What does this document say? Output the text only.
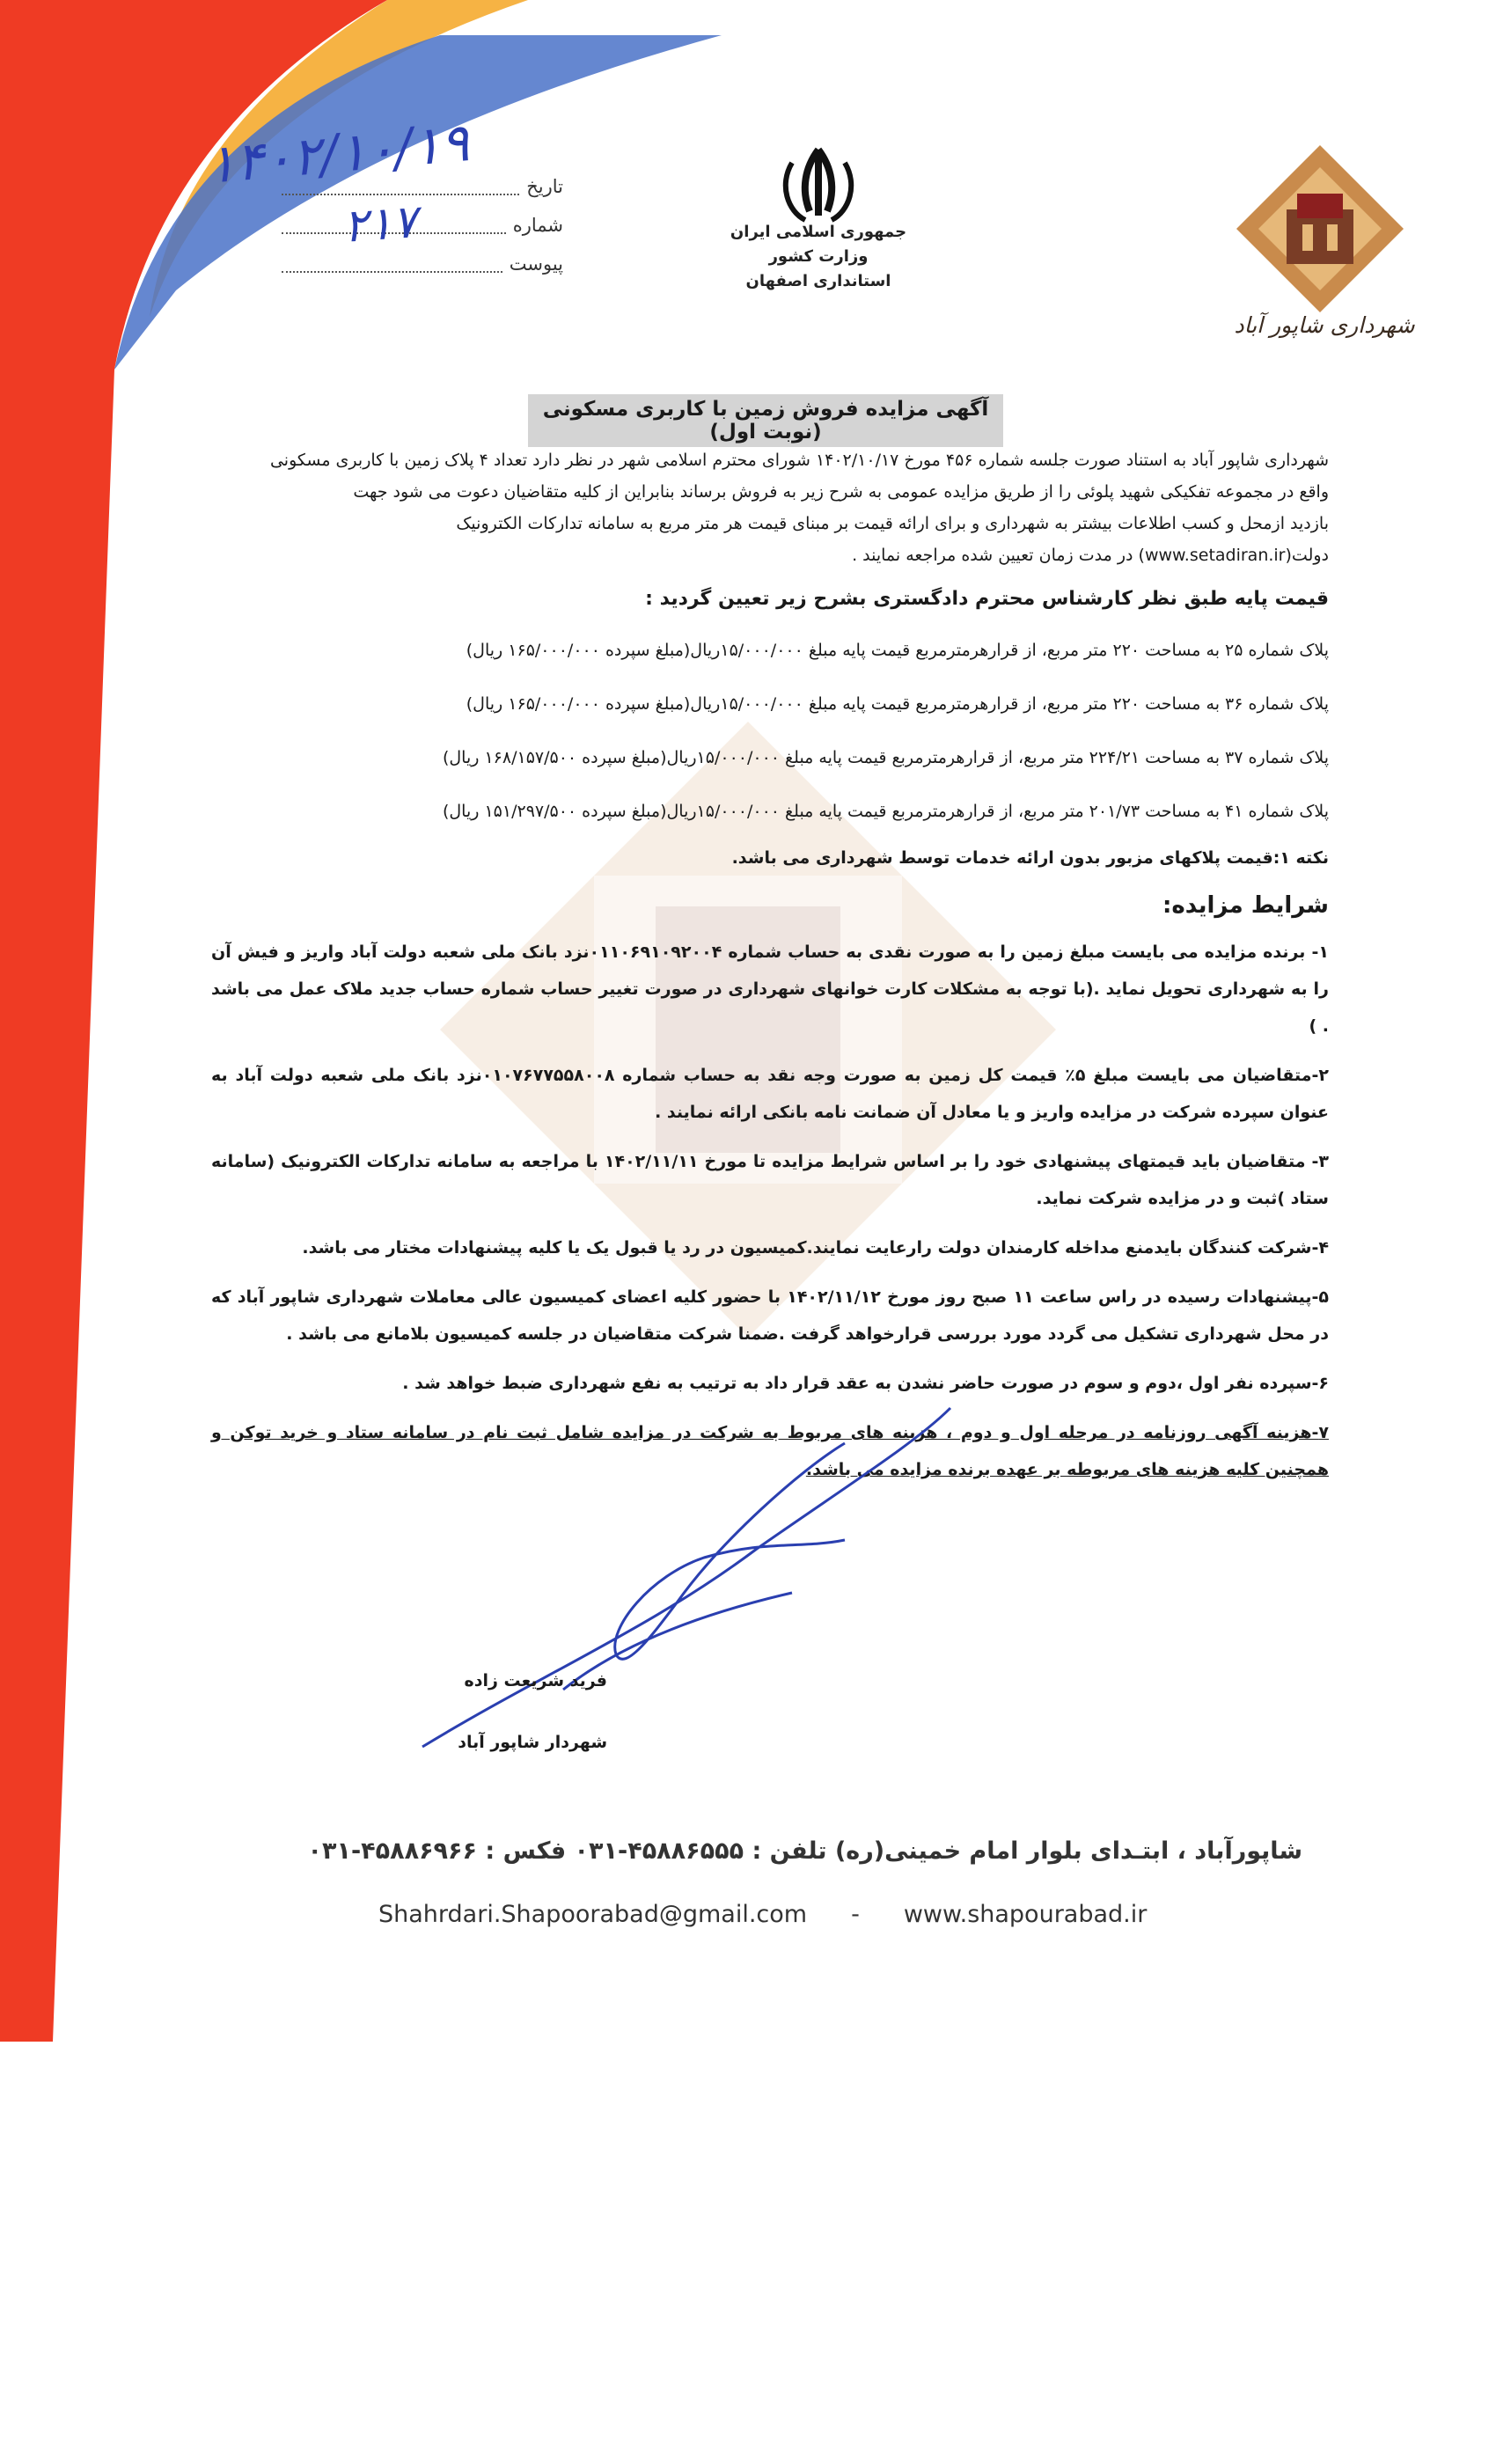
شهرداری شاپور آباد
جمهوری اسلامی ایران
وزارت کشور
استانداری اصفهان
تاریخ
شماره
پیوست
۱۴۰۲/۱۰/۱۹
۲۱۷
آگهی مزایده فروش زمین با کاربری مسکونی (نوبت اول)

شهرداری شاپور آباد به استناد صورت جلسه شماره ۴۵۶ مورخ ۱۴۰۲/۱۰/۱۷ شورای محترم اسلامی شهر در نظر دارد تعداد ۴ پلاک زمین با کاربری مسکونی

واقع در مجموعه تفکیکی شهید پلوئی را از طریق مزایده عمومی به شرح زیر به فروش برساند بنابراین از کلیه متقاضیان دعوت می شود جهت

بازدید ازمحل و کسب اطلاعات بیشتر به شهرداری و برای ارائه قیمت بر مبنای قیمت هر متر مربع به سامانه تدارکات الکترونیک

دولت(www.setadiran.ir) در مدت زمان تعیین شده مراجعه نمایند .

قیمت پایه طبق نظر کارشناس محترم دادگستری بشرح زیر تعیین گردید :

پلاک شماره ۲۵ به مساحت ۲۲۰ متر مربع، از قرارهرمترمربع قیمت پایه مبلغ ۱۵/۰۰۰/۰۰۰ریال(مبلغ سپرده ۱۶۵/۰۰۰/۰۰۰ ریال)

پلاک شماره ۳۶ به مساحت ۲۲۰ متر مربع، از قرارهرمترمربع قیمت پایه مبلغ ۱۵/۰۰۰/۰۰۰ریال(مبلغ سپرده ۱۶۵/۰۰۰/۰۰۰ ریال)

پلاک شماره ۳۷ به مساحت ۲۲۴/۲۱ متر مربع، از قرارهرمترمربع قیمت پایه مبلغ ۱۵/۰۰۰/۰۰۰ریال(مبلغ سپرده ۱۶۸/۱۵۷/۵۰۰ ریال)

پلاک شماره ۴۱ به مساحت ۲۰۱/۷۳ متر مربع، از قرارهرمترمربع قیمت پایه مبلغ ۱۵/۰۰۰/۰۰۰ریال(مبلغ سپرده ۱۵۱/۲۹۷/۵۰۰ ریال)

نکته ۱:قیمت پلاکهای مزبور بدون ارائه خدمات توسط شهرداری می باشد.

شرایط مزایده:

۱- برنده مزایده می بایست مبلغ زمین را به صورت نقدی به حساب شماره ۰۱۱۰۶۹۱۰۹۲۰۰۴نزد بانک ملی شعبه دولت آباد واریز و فیش آن را به شهرداری تحویل نماید .(با توجه به مشکلات کارت خوانهای شهرداری در صورت تغییر حساب شماره حساب جدید ملاک عمل می باشد . )

۲-متقاضیان می بایست مبلغ ۵٪ قیمت کل زمین به صورت وجه نقد به حساب شماره ۰۱۰۷۶۷۷۵۵۸۰۰۸نزد بانک ملی شعبه دولت آباد به عنوان سپرده شرکت در مزایده واریز و یا معادل آن ضمانت نامه بانکی ارائه نمایند .

۳- متقاضیان باید قیمتهای پیشنهادی خود را بر اساس شرایط مزایده تا مورخ ۱۴۰۲/۱۱/۱۱ با مراجعه به سامانه تدارکات الکترونیک (سامانه ستاد )ثبت و در مزایده شرکت نماید.

۴-شرکت کنندگان بایدمنع مداخله کارمندان دولت رارعایت نمایند.کمیسیون در رد یا قبول یک یا کلیه پیشنهادات مختار می باشد.

۵-پیشنهادات رسیده در راس ساعت ۱۱ صبح روز مورخ ۱۴۰۲/۱۱/۱۲ با حضور کلیه اعضای کمیسیون عالی معاملات شهرداری شاپور آباد که در محل شهرداری تشکیل می گردد مورد بررسی قرارخواهد گرفت .ضمنا شرکت متقاضیان در جلسه کمیسیون بلامانع می باشد .

۶-سپرده نفر اول ،دوم و سوم در صورت حاضر نشدن به عقد قرار داد به ترتیب به نفع شهرداری ضبط خواهد شد .

۷-هزینه آگهی روزنامه در مرحله اول و دوم ، هزینه های مربوط به شرکت در مزایده شامل ثبت نام در سامانه ستاد و خرید توکن و همچنین کلیه هزینه های مربوطه بر عهده برنده مزایده می باشد.

فرید شریعت زاده
شهردار شاپور آباد
شاپورآباد ، ابتـدای بلوار امام خمینی(ره) تلفن : ۴۵۸۸۶۵۵۵-۰۳۱ فکس : ۴۵۸۸۶۹۶۶-۰۳۱
Shahrdari.Shapoorabad@gmail.com - www.shapourabad.ir
